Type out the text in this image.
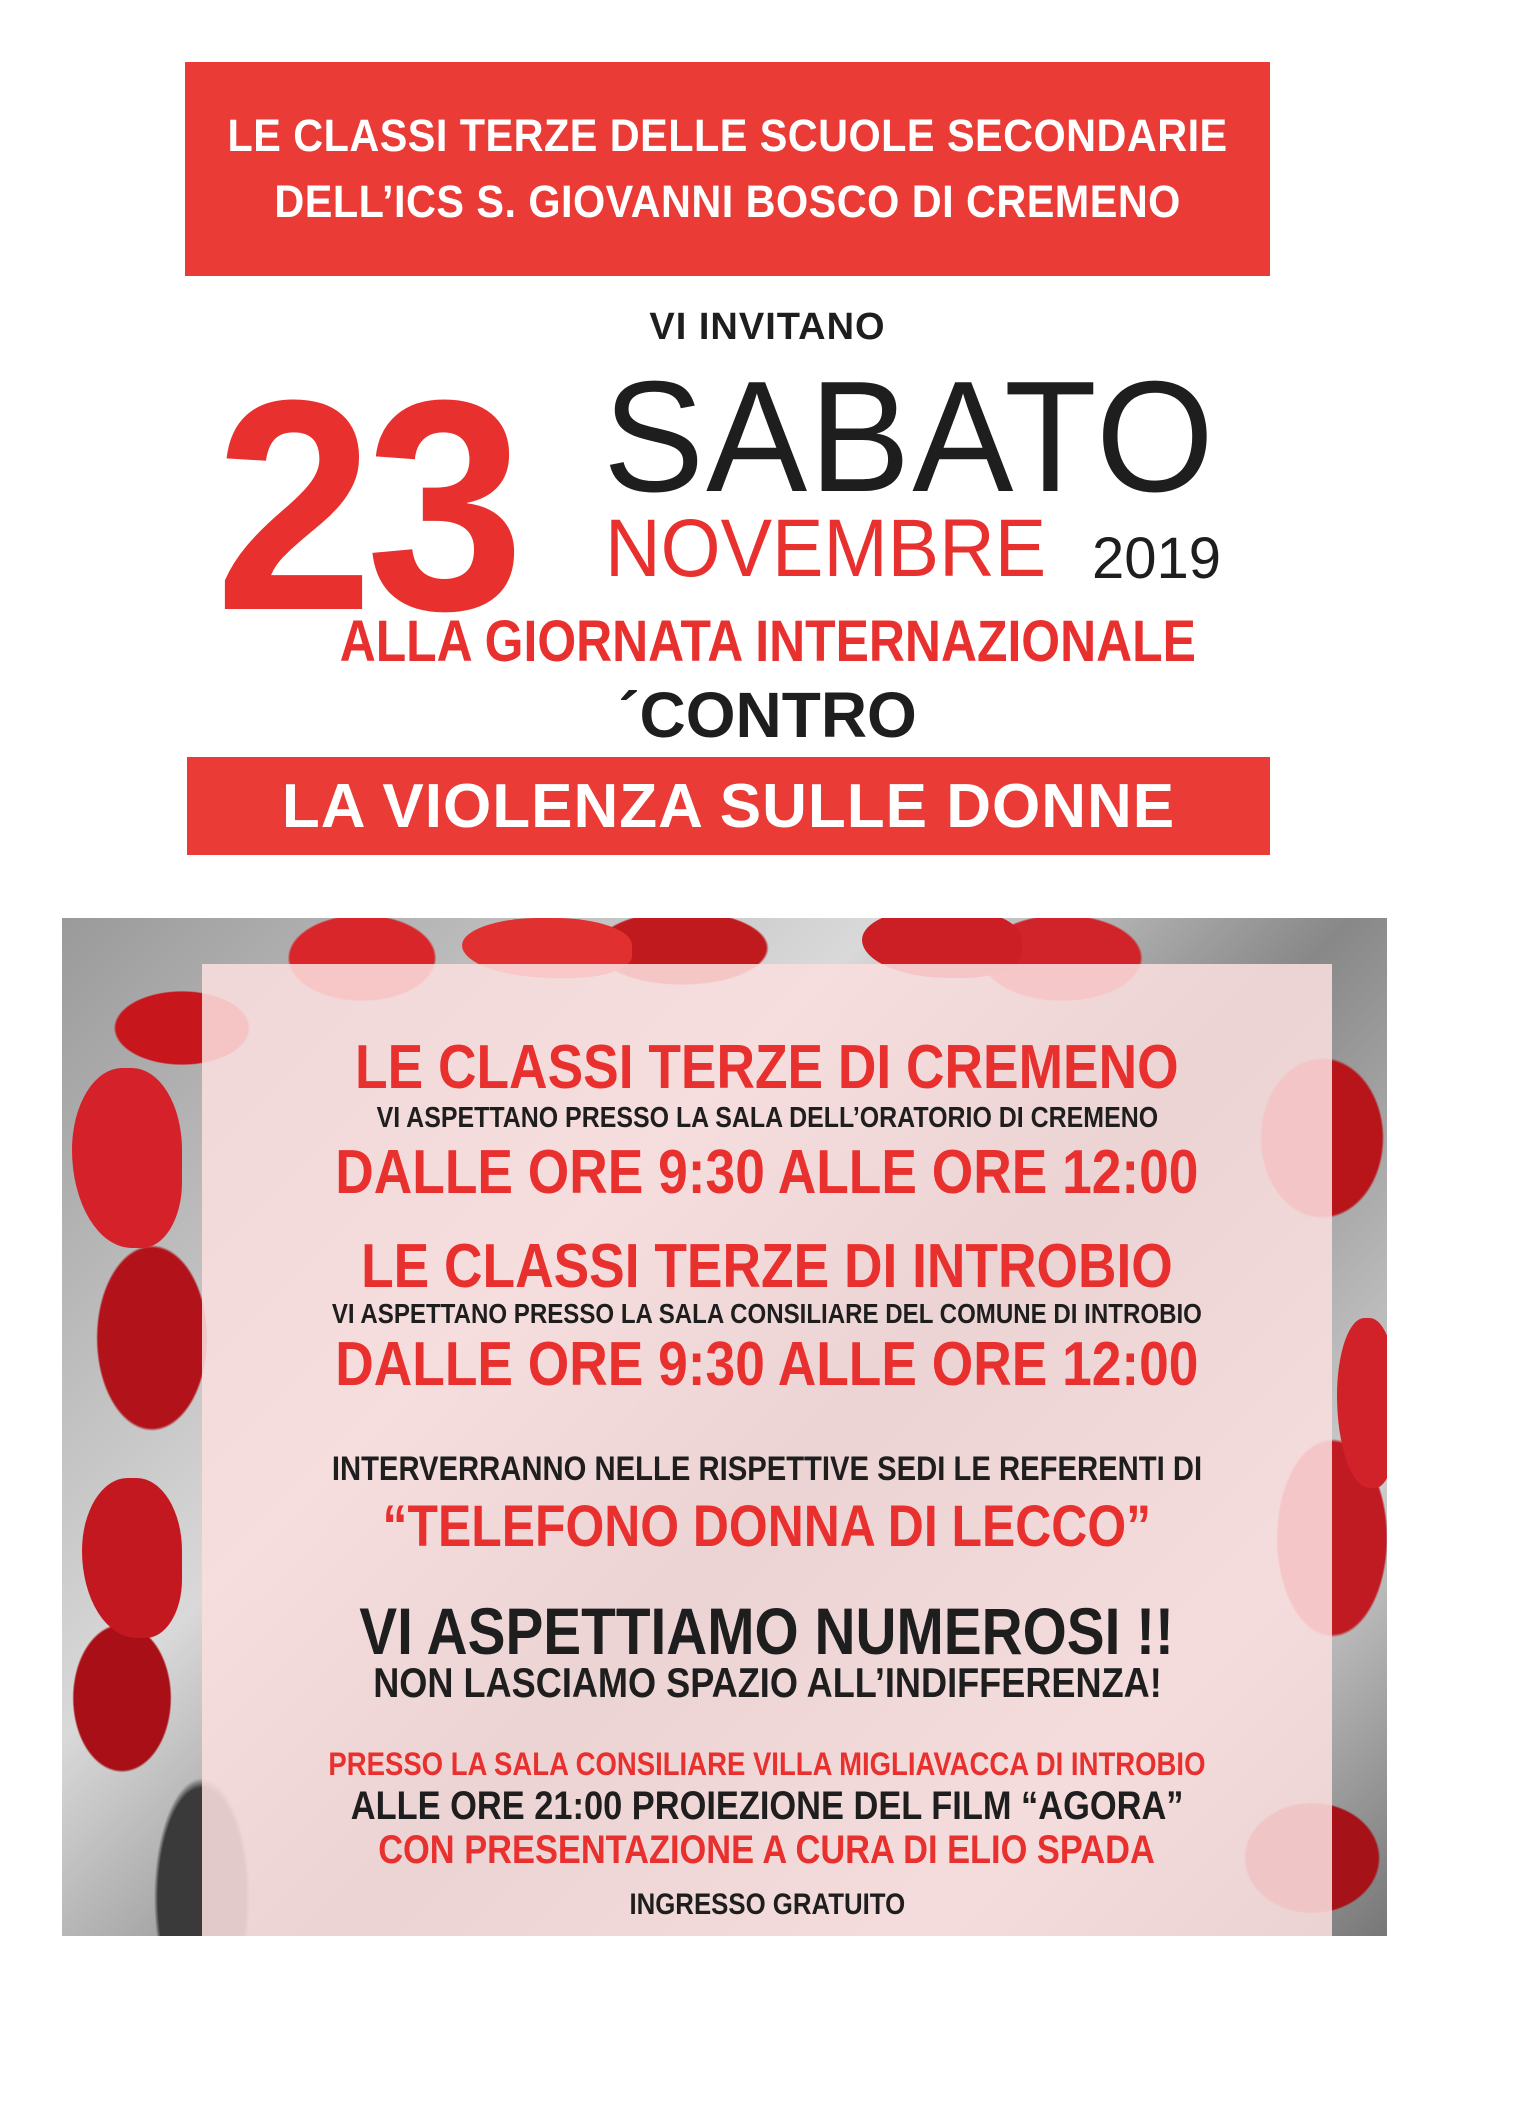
LE CLASSI TERZE DELLE SCUOLE SECONDARIE
DELL’ICS S. GIOVANNI BOSCO DI CREMENO
VI INVITANO
23 SABATO
NOVEMBRE 2019
ALLA GIORNATA INTERNAZIONALE
´CONTRO
LA VIOLENZA SULLE DONNE
LE CLASSI TERZE DI CREMENO
VI ASPETTANO PRESSO LA SALA DELL’ORATORIO DI CREMENO
DALLE ORE 9:30 ALLE ORE 12:00
LE CLASSI TERZE DI INTROBIO
VI ASPETTANO PRESSO LA SALA CONSILIARE DEL COMUNE DI INTROBIO
DALLE ORE 9:30 ALLE ORE 12:00
INTERVERRANNO NELLE RISPETTIVE SEDI LE REFERENTI DI
“TELEFONO DONNA DI LECCO”
VI ASPETTIAMO NUMEROSI !!
NON LASCIAMO SPAZIO ALL’INDIFFERENZA!
PRESSO LA SALA CONSILIARE VILLA MIGLIAVACCA DI INTROBIO
ALLE ORE 21:00 PROIEZIONE DEL FILM “AGORA”
CON PRESENTAZIONE A CURA DI ELIO SPADA
INGRESSO GRATUITO
